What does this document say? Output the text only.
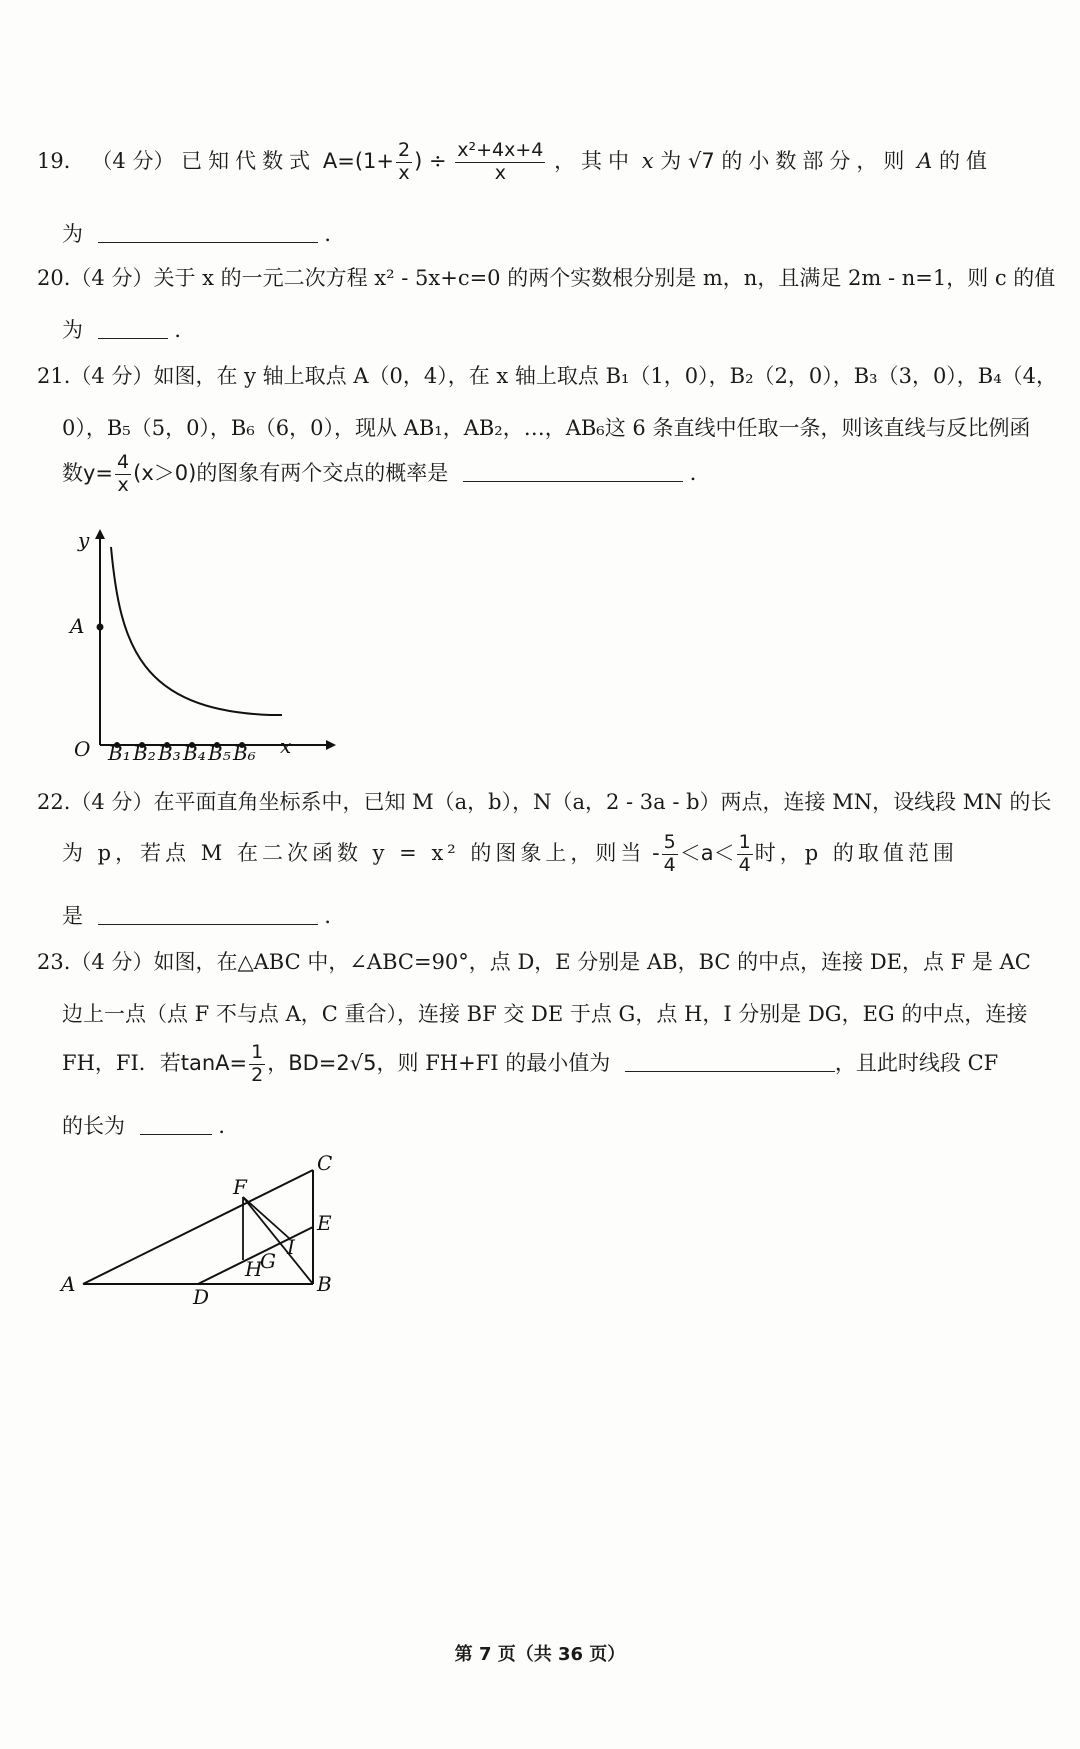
19． （4 分） 已知代数式 $A=(1+ \frac{2}{x}$ ) ÷ $\frac{\text{x²+4x+4}}{x}$ ，其中 x 为 √7 的小数部分，则 A 的值
为	．
20.（4 分）关于 x 的一元二次方程 x² - 5x+c=0 的两个实数根分别是 m，n，且满足 2m - n=1，则 c 的值
为	．
21.（4 分）如图，在 y 轴上取点 A（0，4），在 x 轴上取点 B₁（1，0），B₂（2，0），B₃（3，0），B₄（4，
0），B₅（5，0），B₆（6，0），现从 AB₁，AB₂，…，AB₆这 6 条直线中任取一条，则该直线与反比例函
数$y= \frac{4}{x} (x>0)$的图象有两个交点的概率是	．
y
x
A
O B₁ B₂ B₃ B₄ B₅ B₆
22.（4 分）在平面直角坐标系中，已知 M（a，b），N（a，2 - 3a - b）两点，连接 MN，设线段 MN 的长
为 p，若点 M 在二次函数 y = x² 的图象上，则当 - $\frac{5}{4} <a< \frac{1}{4}$ 时，p 的取值范围
是	．
23.（4 分）如图，在△ABC 中，∠ABC=90°，点 D，E 分别是 AB，BC 的中点，连接 DE，点 F 是 AC
边上一点（点 F 不与点 A，C 重合），连接 BF 交 DE 于点 G，点 H，I 分别是 DG，EG 的中点，连接
FH，FI．若$\tan A= \frac{1}{2}$ ，BD=2√5，则 FH+FI 的最小值为	，且此时线段 CF
的长为	．
A	B
C
D
E
F
G
H
I
第 7 页（共 36 页）
